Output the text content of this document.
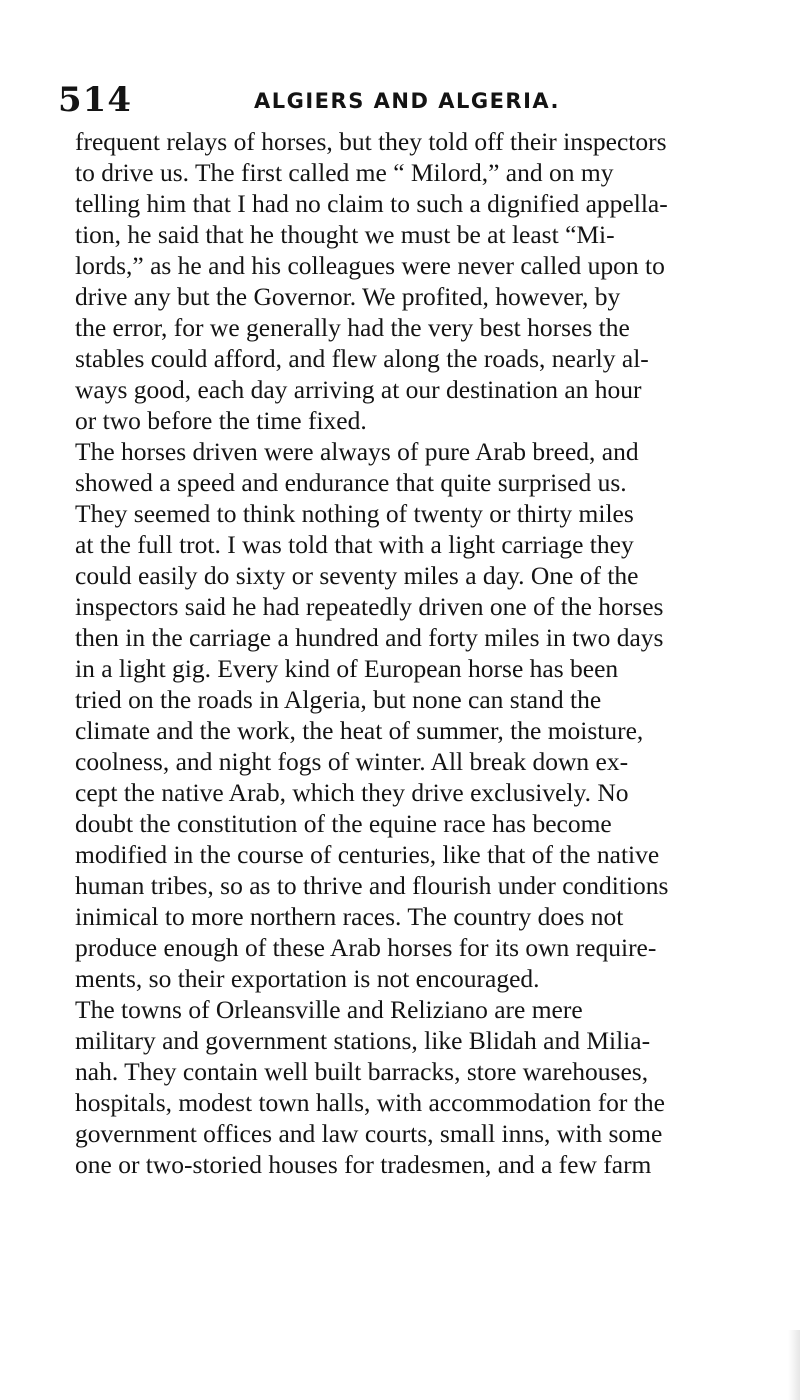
514	ALGIERS AND ALGERIA.
frequent relays of horses, but they told off their inspectors
to drive us. The first called me “ Milord,” and on my
telling him that I had no claim to such a dignified appella-
tion, he said that he thought we must be at least “Mi-
lords,” as he and his colleagues were never called upon to
drive any but the Governor. We profited, however, by
the error, for we generally had the very best horses the
stables could afford, and flew along the roads, nearly al-
ways good, each day arriving at our destination an hour
or two before the time fixed.
The horses driven were always of pure Arab breed, and
showed a speed and endurance that quite surprised us.
They seemed to think nothing of twenty or thirty miles
at the full trot. I was told that with a light carriage they
could easily do sixty or seventy miles a day. One of the
inspectors said he had repeatedly driven one of the horses
then in the carriage a hundred and forty miles in two days
in a light gig. Every kind of European horse has been
tried on the roads in Algeria, but none can stand the
climate and the work, the heat of summer, the moisture,
coolness, and night fogs of winter. All break down ex-
cept the native Arab, which they drive exclusively. No
doubt the constitution of the equine race has become
modified in the course of centuries, like that of the native
human tribes, so as to thrive and flourish under conditions
inimical to more northern races. The country does not
produce enough of these Arab horses for its own require-
ments, so their exportation is not encouraged.
The towns of Orleansville and Reliziano are mere
military and government stations, like Blidah and Milia-
nah. They contain well built barracks, store warehouses,
hospitals, modest town halls, with accommodation for the
government offices and law courts, small inns, with some
one or two-storied houses for tradesmen, and a few farm
